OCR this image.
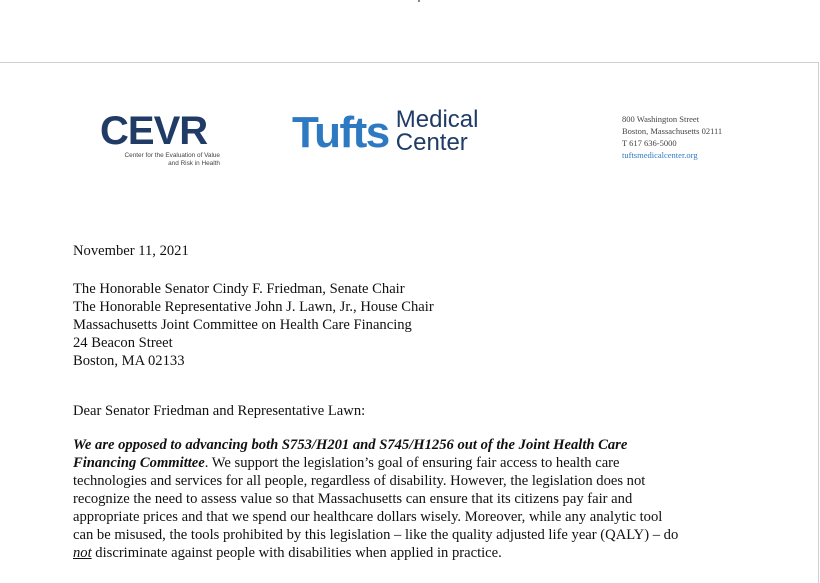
CEVR
Center for the Evaluation of Value
and Risk in Health
Tufts Medical
Center
800 Washington Street
Boston, Massachusetts 02111
T 617 636-5000
tuftsmedicalcenter.org
November 11, 2021
The Honorable Senator Cindy F. Friedman, Senate Chair
The Honorable Representative John J. Lawn, Jr., House Chair
Massachusetts Joint Committee on Health Care Financing
24 Beacon Street
Boston, MA 02133
Dear Senator Friedman and Representative Lawn:
We are opposed to advancing both S753/H201 and S745/H1256 out of the Joint Health Care
Financing Committee. We support the legislation’s goal of ensuring fair access to health care
technologies and services for all people, regardless of disability. However, the legislation does not
recognize the need to assess value so that Massachusetts can ensure that its citizens pay fair and
appropriate prices and that we spend our healthcare dollars wisely. Moreover, while any analytic tool
can be misused, the tools prohibited by this legislation – like the quality adjusted life year (QALY) – do
not discriminate against people with disabilities when applied in practice.
